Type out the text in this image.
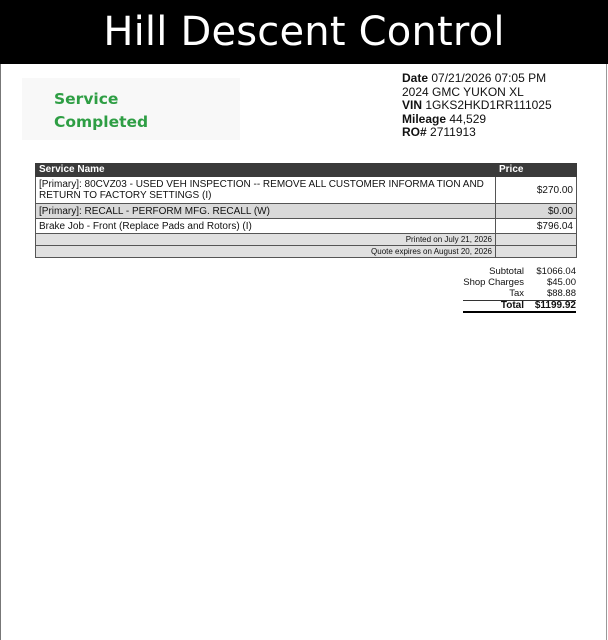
Hill Descent Control
Service
Completed
Date 07/21/2026 07:05 PM
2024 GMC YUKON XL
VIN 1GKS2HKD1RR111025
Mileage 44,529
RO# 2711913
Service Name	Price
[Primary]: 80CVZ03 - USED VEH INSPECTION -- REMOVE ALL CUSTOMER INFORMA TION AND RETURN TO FACTORY SETTINGS (I)	$270.00
[Primary]: RECALL - PERFORM MFG. RECALL (W)	$0.00
Brake Job - Front (Replace Pads and Rotors) (I)	$796.04
Printed on July 21, 2026	
Quote expires on August 20, 2026	
Subtotal	$1066.04
Shop Charges	$45.00
Tax	$88.88
Total	$1199.92
